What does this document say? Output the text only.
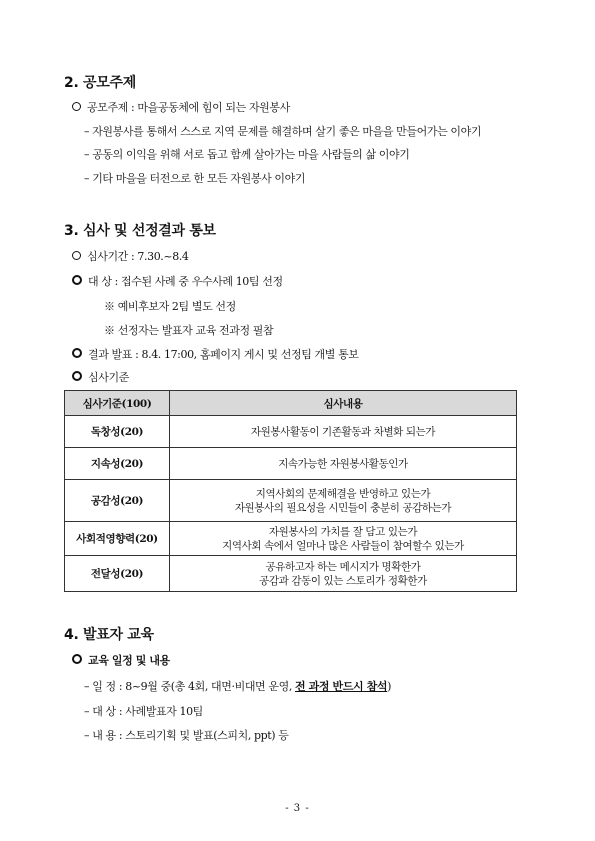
2. 공모주제
공모주제 : 마을공동체에 힘이 되는 자원봉사
– 자원봉사를 통해서 스스로 지역 문제를 해결하며 살기 좋은 마을을 만들어가는 이야기
– 공동의 이익을 위해 서로 돕고 함께 살아가는 마을 사람들의 삶 이야기
– 기타 마을을 터전으로 한 모든 자원봉사 이야기
3. 심사 및 선정결과 통보
심사기간 : 7.30.~8.4
대 상 : 접수된 사례 중 우수사례 10팀 선정
※ 예비후보자 2팀 별도 선정
※ 선정자는 발표자 교육 전과정 필참
결과 발표 : 8.4. 17:00, 홈페이지 게시 및 선정팀 개별 통보
심사기준
심사기준(100)	심사내용
독창성(20)	자원봉사활동이 기존활동과 차별화 되는가
지속성(20)	지속가능한 자원봉사활동인가
공감성(20)	지역사회의 문제해결을 반영하고 있는가
자원봉사의 필요성을 시민들이 충분히 공감하는가

사회적영향력(20)	자원봉사의 가치를 잘 담고 있는가
지역사회 속에서 얼마나 많은 사람들이 참여할수 있는가

전달성(20)	공유하고자 하는 메시지가 명확한가
공감과 감동이 있는 스토리가 정확한가
4. 발표자 교육
교육 일정 및 내용
– 일 정 : 8~9월 중(총 4회, 대면·비대면 운영, 전 과정 반드시 참석)
– 대 상 : 사례발표자 10팀
– 내 용 : 스토리기획 및 발표(스피치, ppt) 등
- 3 -
